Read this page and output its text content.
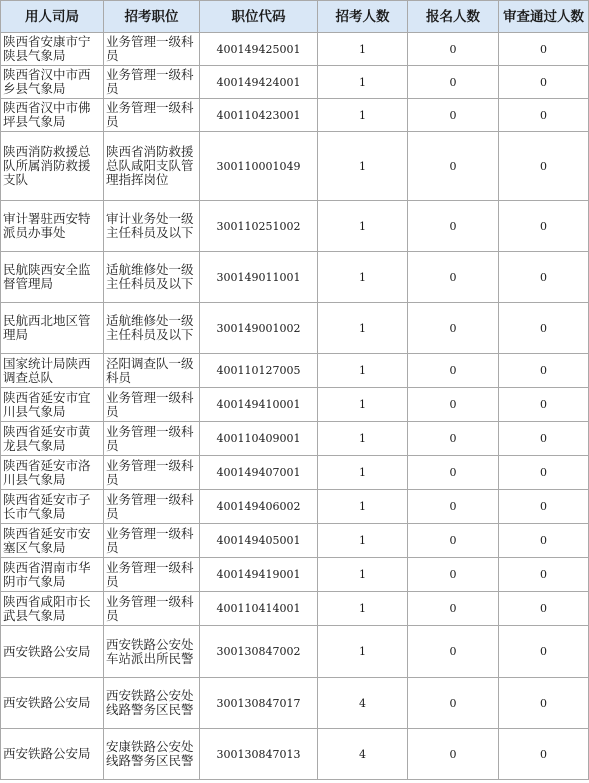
用人司局	招考职位	职位代码	招考人数	报名人数	审查通过人数
陕西省安康市宁陕县气象局	业务管理一级科员	400149425001	1	0	0
陕西省汉中市西乡县气象局	业务管理一级科员	400149424001	1	0	0
陕西省汉中市佛坪县气象局	业务管理一级科员	400110423001	1	0	0
陕西消防救援总队所属消防救援支队	陕西省消防救援总队咸阳支队管理指挥岗位	300110001049	1	0	0
审计署驻西安特派员办事处	审计业务处一级主任科员及以下	300110251002	1	0	0
民航陕西安全监督管理局	适航维修处一级主任科员及以下	300149011001	1	0	0
民航西北地区管理局	适航维修处一级主任科员及以下	300149001002	1	0	0
国家统计局陕西调查总队	泾阳调查队一级科员	400110127005	1	0	0
陕西省延安市宜川县气象局	业务管理一级科员	400149410001	1	0	0
陕西省延安市黄龙县气象局	业务管理一级科员	400110409001	1	0	0
陕西省延安市洛川县气象局	业务管理一级科员	400149407001	1	0	0
陕西省延安市子长市气象局	业务管理一级科员	400149406002	1	0	0
陕西省延安市安塞区气象局	业务管理一级科员	400149405001	1	0	0
陕西省渭南市华阴市气象局	业务管理一级科员	400149419001	1	0	0
陕西省咸阳市长武县气象局	业务管理一级科员	400110414001	1	0	0
西安铁路公安局	西安铁路公安处车站派出所民警	300130847002	1	0	0
西安铁路公安局	西安铁路公安处线路警务区民警	300130847017	4	0	0
西安铁路公安局	安康铁路公安处线路警务区民警	300130847013	4	0	0
